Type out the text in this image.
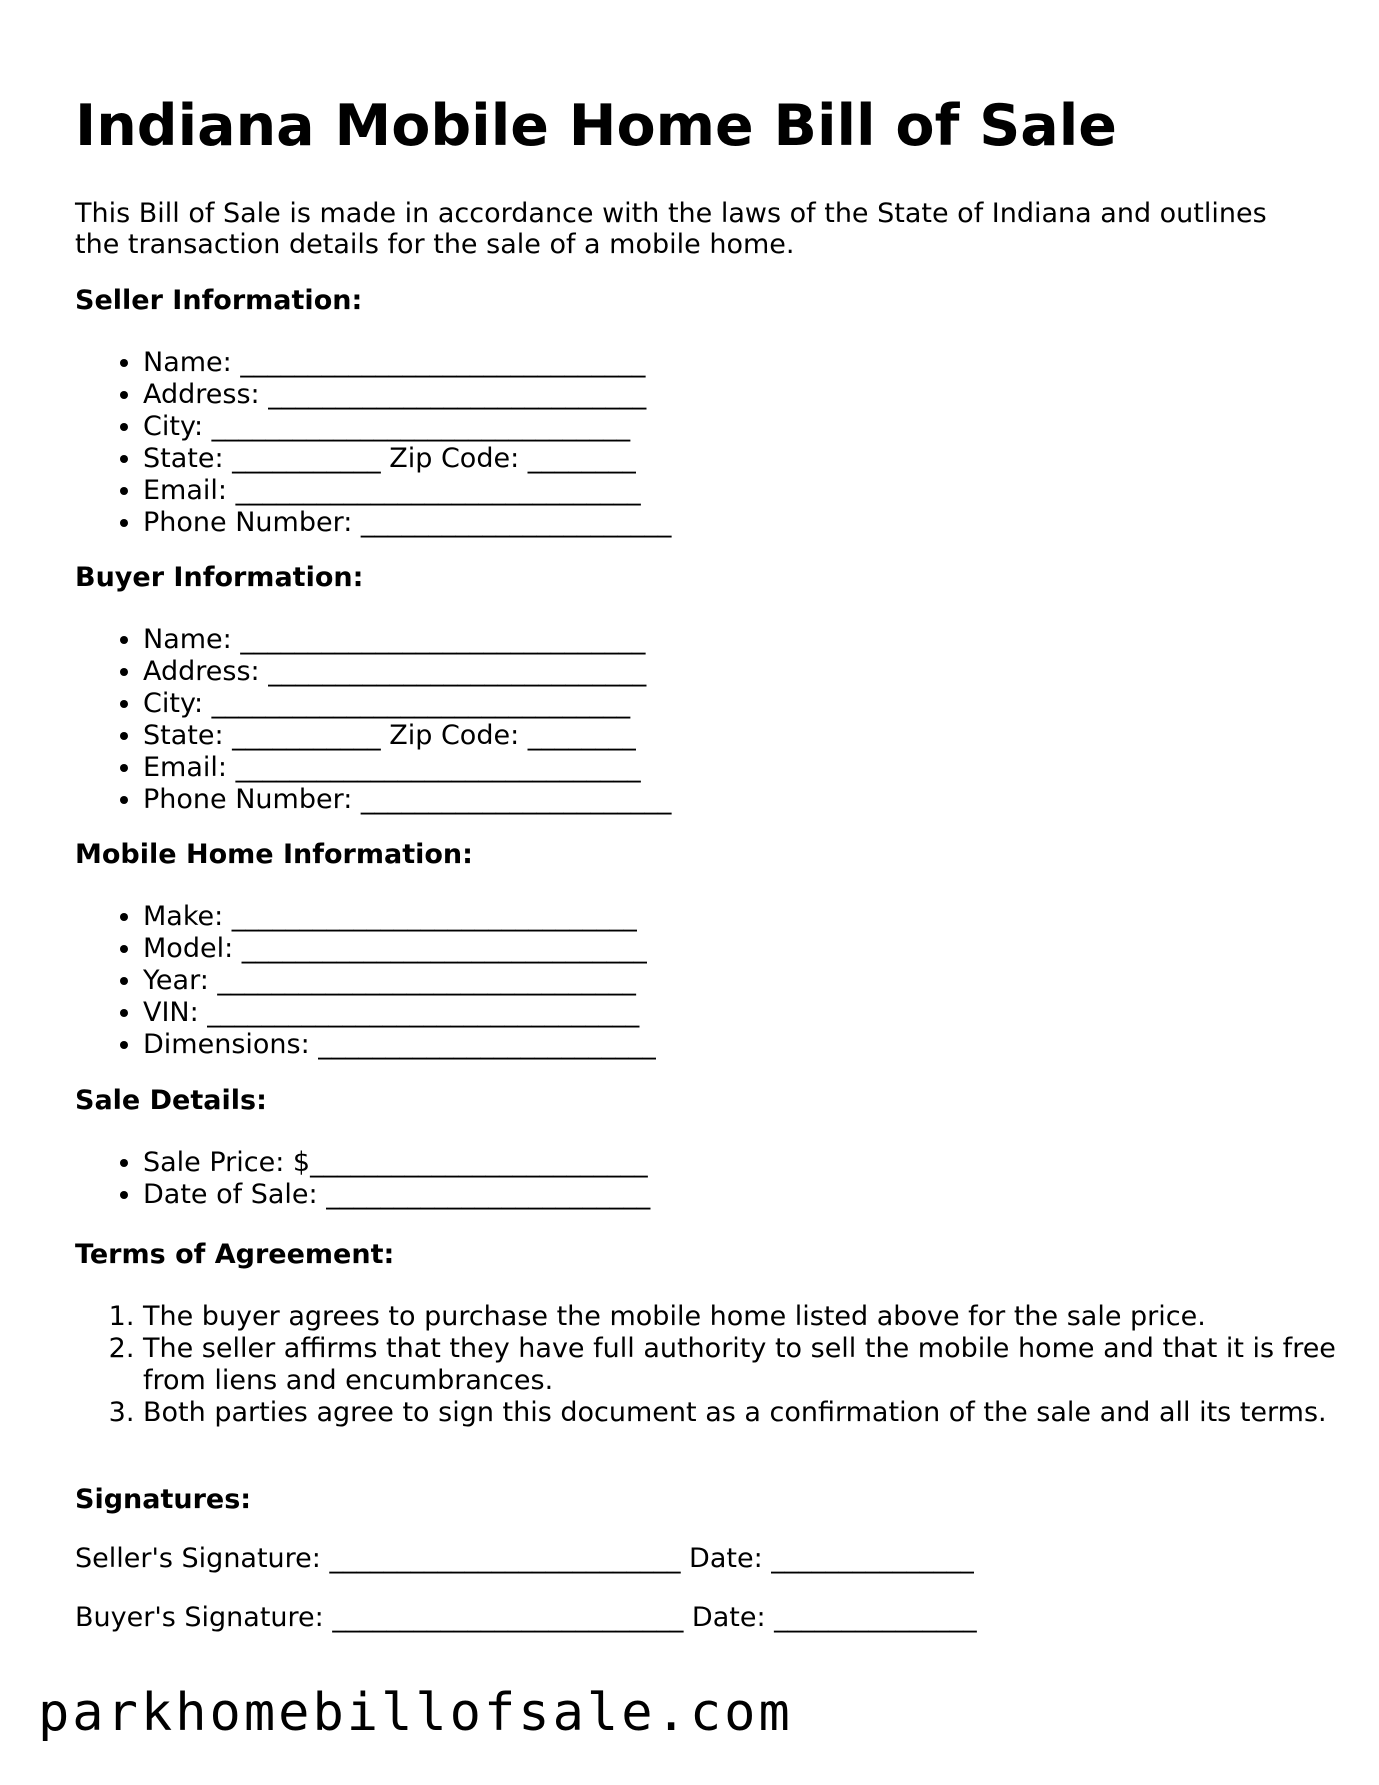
Indiana Mobile Home Bill of Sale

This Bill of Sale is made in accordance with the laws of the State of Indiana and outlines the transaction details for the sale of a mobile home.

Seller Information:

• Name: ______________________________
• Address: ____________________________
• City: _______________________________
• State: ___________ Zip Code: ________
• Email: ______________________________
• Phone Number: _______________________

Buyer Information:

• Name: ______________________________
• Address: ____________________________
• City: _______________________________
• State: ___________ Zip Code: ________
• Email: ______________________________
• Phone Number: _______________________

Mobile Home Information:

• Make: ______________________________
• Model: ______________________________
• Year: _______________________________
• VIN: ________________________________
• Dimensions: _________________________

Sale Details:

• Sale Price: $_________________________
• Date of Sale: ________________________

Terms of Agreement:

1. The buyer agrees to purchase the mobile home listed above for the sale price.
2. The seller affirms that they have full authority to sell the mobile home and that it is free from liens and encumbrances.
3. Both parties agree to sign this document as a confirmation of the sale and all its terms.

Signatures:

Seller's Signature: __________________________ Date: _______________

Buyer's Signature: __________________________ Date: _______________

parkhomebillofsale.com
